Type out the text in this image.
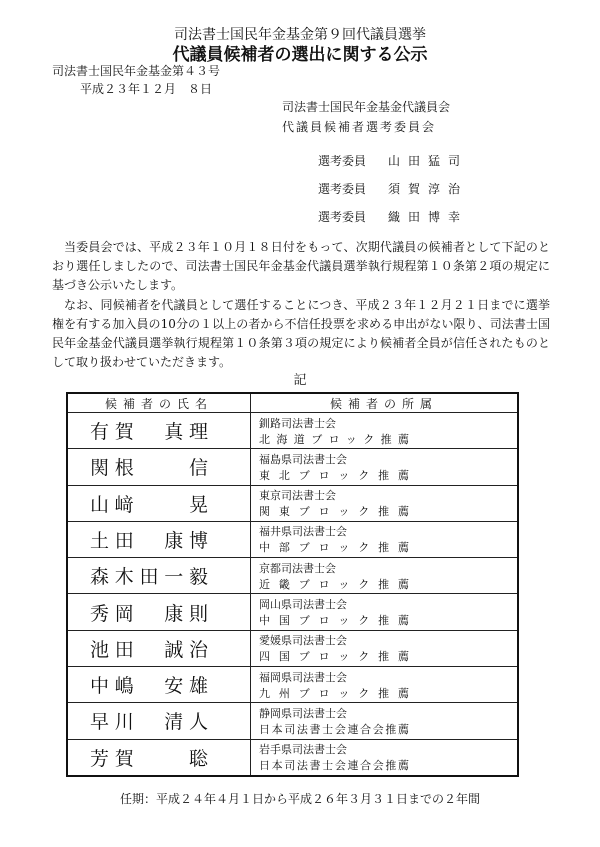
司法書士国民年金基金第９回代議員選挙
代議員候補者の選出に関する公示
司法書士国民年金基金第４３号
平成２３年１２月　８日
司法書士国民年金基金代議員会
代議員候補者選考委員会
選考委員 山田猛司
選考委員 須賀淳治
選考委員 織田博幸

当委員会では、平成２３年１０月１８日付をもって、次期代議員の候補者として下記のとおり選任しましたので、司法書士国民年金基金代議員選挙執行規程第１０条第２項の規定に基づき公示いたします。

なお、同候補者を代議員として選任することにつき、平成２３年１２月２１日までに選挙権を有する加入員の10分の１以上の者から不信任投票を求める申出がない限り、司法書士国民年金基金代議員選挙執行規程第１０条第３項の規定により候補者全員が信任されたものとして取り扱わせていただきます。

記
候補者の氏名	候補者の所属
有賀　真理	釧路司法書士会北海道ブロック推薦
関根　　信	福島県司法書士会東北ブロック推薦
山﨑　　晃	東京司法書士会関東ブロック推薦
土田　康博	福井県司法書士会中部ブロック推薦
森木田一毅	京都司法書士会近畿ブロック推薦
秀岡　康則	岡山県司法書士会中国ブロック推薦
池田　誠治	愛媛県司法書士会四国ブロック推薦
中嶋　安雄	福岡県司法書士会九州ブロック推薦
早川　清人	静岡県司法書士会日本司法書士会連合会推薦
芳賀　　聡	岩手県司法書士会日本司法書士会連合会推薦
任期：平成２４年４月１日から平成２６年３月３１日までの２年間
